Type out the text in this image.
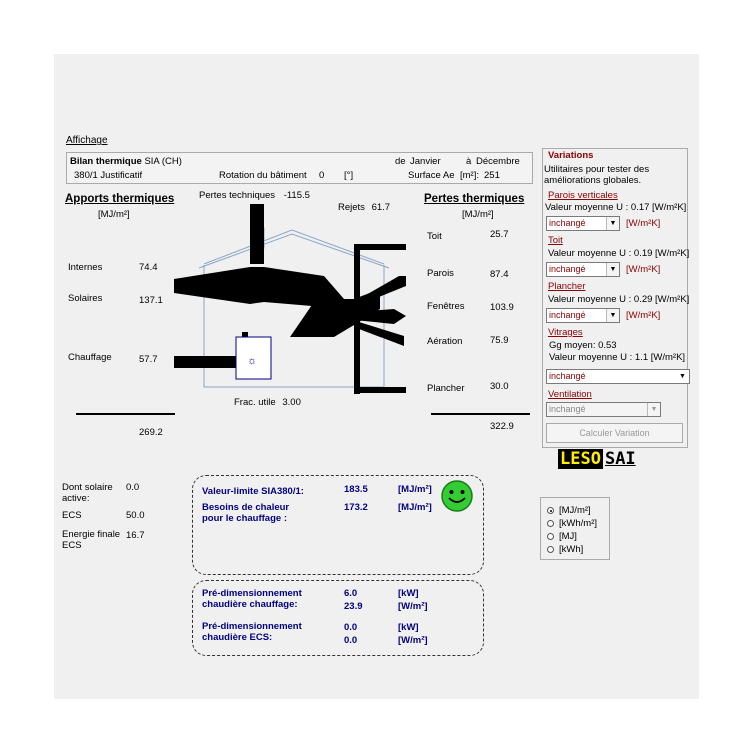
Affichage
Bilan thermique SIA (CH)
380/1 Justificatif	Rotation du bâtiment 0 [°]
de Janvier	à Décembre
Surface Ae [m²]: 251
Apports thermiques
[MJ/m²]
Internes	74.4
Solaires	137.1
Chauffage	57.7
269.2
Pertes thermiques
[MJ/m²]
Toit	25.7
Parois	87.4
Fenêtres	103.9
Aération	75.9
Plancher	30.0
322.9
Pertes techniques -115.5
Rejets 61.7
Frac. utile 3.00
☼
Variations
Utilitaires pour tester des
améliorations globales.
Parois verticales
Valeur moyenne U : 0.17 [W/m²K]
inchangé	▼ [W/m²K]
Toit
Valeur moyenne U : 0.19 [W/m²K]
inchangé	▼ [W/m²K]
Plancher
Valeur moyenne U : 0.29 [W/m²K]
inchangé	▼ [W/m²K]
Vitrages
Gg moyen: 0.53
Valeur moyenne U : 1.1 [W/m²K]
inchangé	▼
Ventilation
inchangé	▼
Calculer Variation
LESO SAI
Dont solaire
active:
0.0
ECS	50.0
Energie finale
ECS
16.7
Valeur-limite SIA380/1:	183.5	[MJ/m²]
Besoins de chaleur
pour le chauffage :
173.2	[MJ/m²]
Pré-dimensionnement
chaudière chauffage:
6.0	[kW]
23.9	[W/m²]
Pré-dimensionnement
chaudière ECS:
0.0	[kW]
0.0	[W/m²]
[MJ/m²]
[kWh/m²]
[MJ]
[kWh]
